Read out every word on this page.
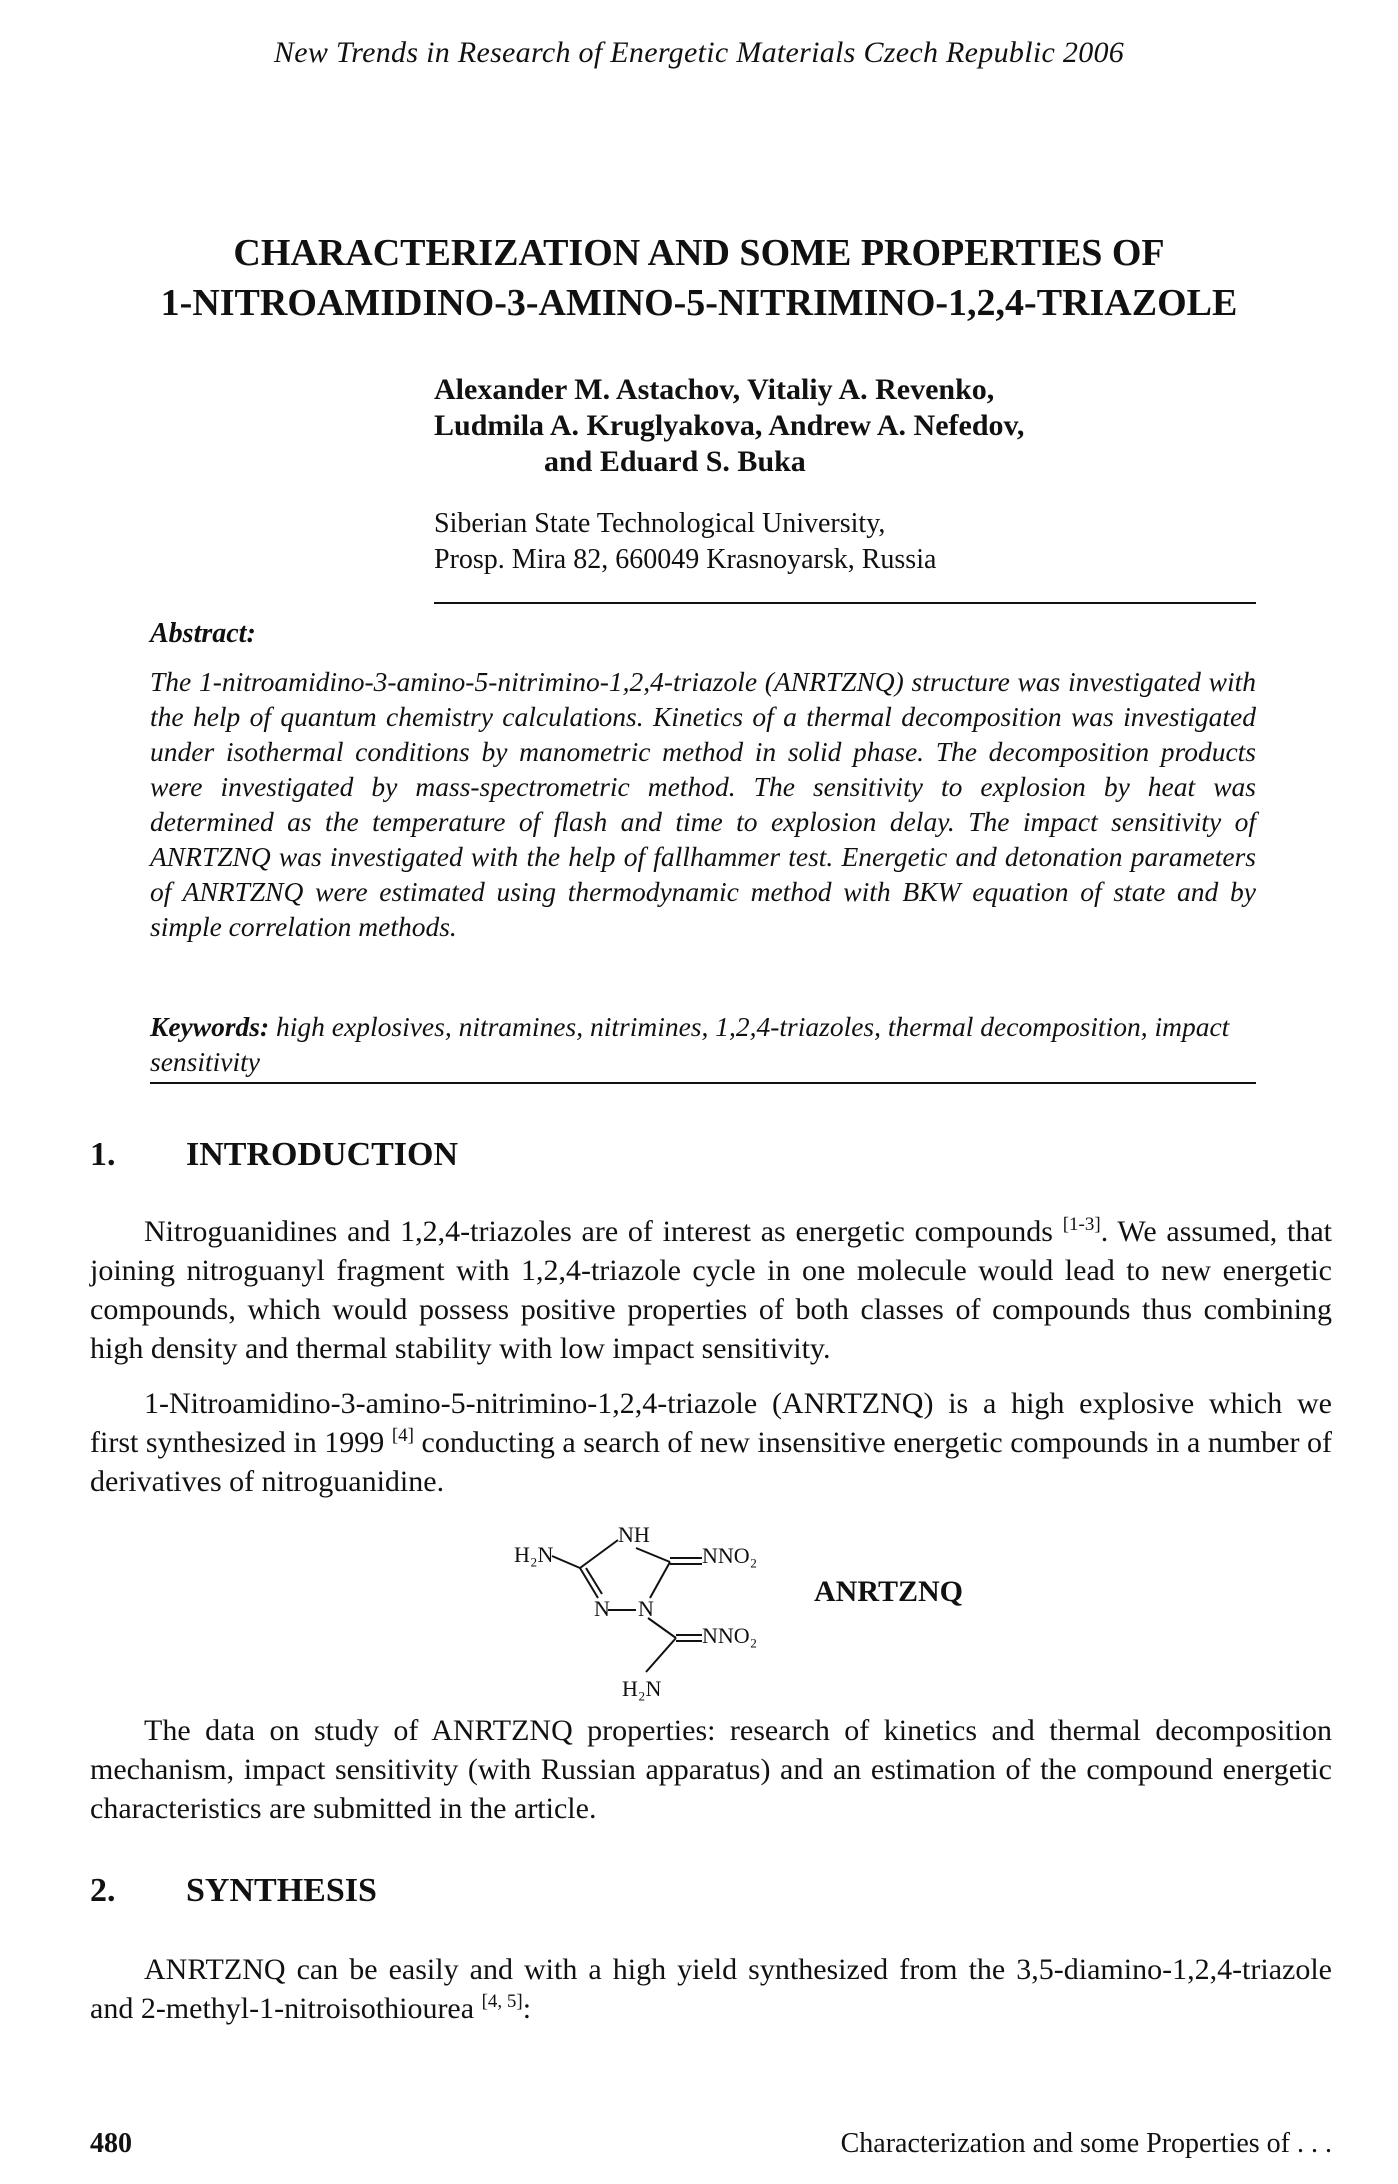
New Trends in Research of Energetic Materials Czech Republic 2006
CHARACTERIZATION AND SOME PROPERTIES OF
1-NITROAMIDINO-3-AMINO-5-NITRIMINO-1,2,4-TRIAZOLE
Alexander M. Astachov, Vitaliy A. Revenko,
Ludmila A. Kruglyakova, Andrew A. Nefedov,
and Eduard S. Buka
Siberian State Technological University,
Prosp. Mira 82, 660049 Krasnoyarsk, Russia
Abstract:
The 1-nitroamidino-3-amino-5-nitrimino-1,2,4-triazole (ANRTZNQ) structure was investigated with the help of quantum chemistry calculations. Kinetics of a thermal decomposition was investigated under isothermal conditions by manometric method in solid phase. The decomposition products were investigated by mass-spectrometric method. The sensitivity to explosion by heat was determined as the temperature of flash and time to explosion delay. The impact sensitivity of ANRTZNQ was investigated with the help of fallhammer test. Energetic and detonation parameters of ANRTZNQ were estimated using thermodynamic method with BKW equation of state and by simple correlation methods.
Keywords: high explosives, nitramines, nitrimines, 1,2,4-triazoles, thermal decomposition, impact sensitivity
1. INTRODUCTION
Nitroguanidines and 1,2,4-triazoles are of interest as energetic compounds [1-3]. We assumed, that joining nitroguanyl fragment with 1,2,4-triazole cycle in one molecule would lead to new energetic compounds, which would possess positive properties of both classes of compounds thus combining high density and thermal stability with low impact sensitivity.
1-Nitroamidino-3-amino-5-nitrimino-1,2,4-triazole (ANRTZNQ) is a high explosive which we first synthesized in 1999 [4] conducting a search of new insensitive energetic compounds in a number of derivatives of nitroguanidine.
H₂N
NH
NNO₂
N N
NNO₂
H₂N
ANRTZNQ
The data on study of ANRTZNQ properties: research of kinetics and thermal decomposition mechanism, impact sensitivity (with Russian apparatus) and an estimation of the compound energetic characteristics are submitted in the article.
2. SYNTHESIS
ANRTZNQ can be easily and with a high yield synthesized from the 3,5-diamino-1,2,4-triazole and 2-methyl-1-nitroisothiourea [4, 5]:
480	Characterization and some Properties of . . .
